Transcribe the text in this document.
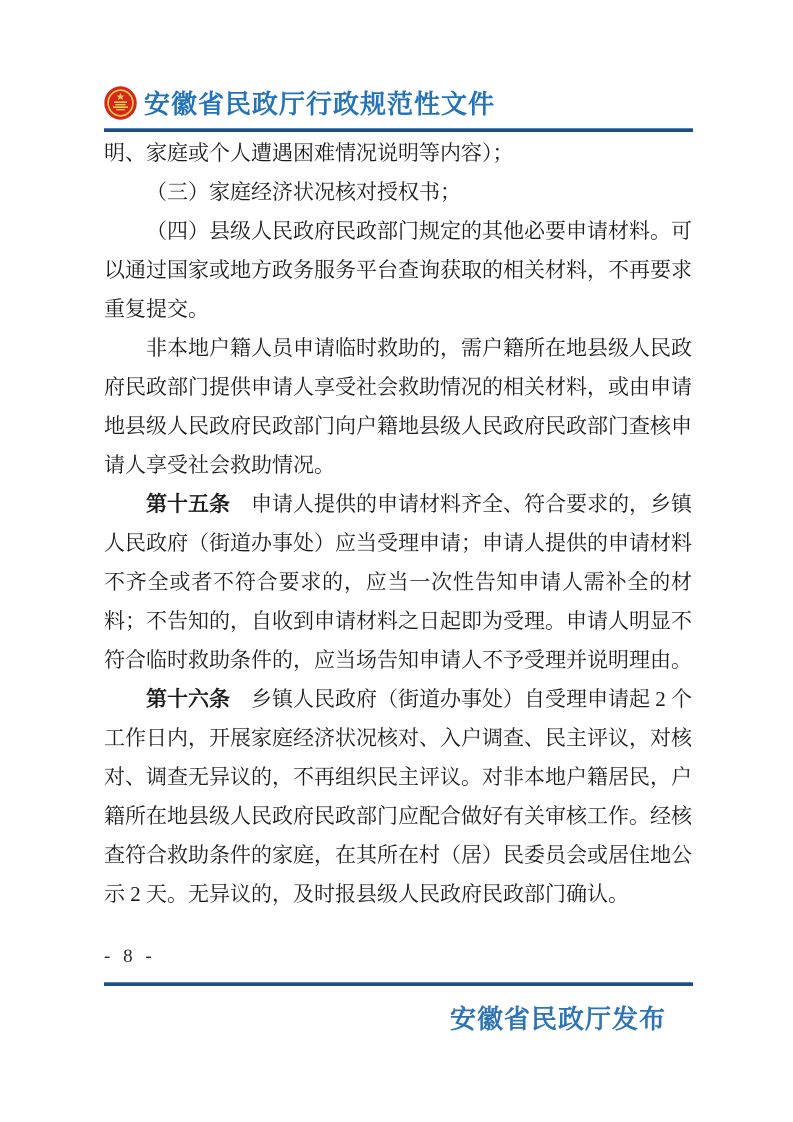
安徽省民政厅行政规范性文件

明、家庭或个人遭遇困难情况说明等内容）；

（三）家庭经济状况核对授权书；

（四）县级人民政府民政部门规定的其他必要申请材料。可以通过国家或地方政务服务平台查询获取的相关材料，不再要求重复提交。

非本地户籍人员申请临时救助的，需户籍所在地县级人民政府民政部门提供申请人享受社会救助情况的相关材料，或由申请地县级人民政府民政部门向户籍地县级人民政府民政部门查核申请人享受社会救助情况。

第十五条　申请人提供的申请材料齐全、符合要求的，乡镇人民政府（街道办事处）应当受理申请；申请人提供的申请材料不齐全或者不符合要求的，应当一次性告知申请人需补全的材料；不告知的，自收到申请材料之日起即为受理。申请人明显不符合临时救助条件的，应当场告知申请人不予受理并说明理由。

第十六条　乡镇人民政府（街道办事处）自受理申请起 2 个工作日内，开展家庭经济状况核对、入户调查、民主评议，对核对、调查无异议的，不再组织民主评议。对非本地户籍居民，户籍所在地县级人民政府民政部门应配合做好有关审核工作。经核查符合救助条件的家庭，在其所在村（居）民委员会或居住地公示 2 天。无异议的，及时报县级人民政府民政部门确认。

- 8 -
安徽省民政厅发布
